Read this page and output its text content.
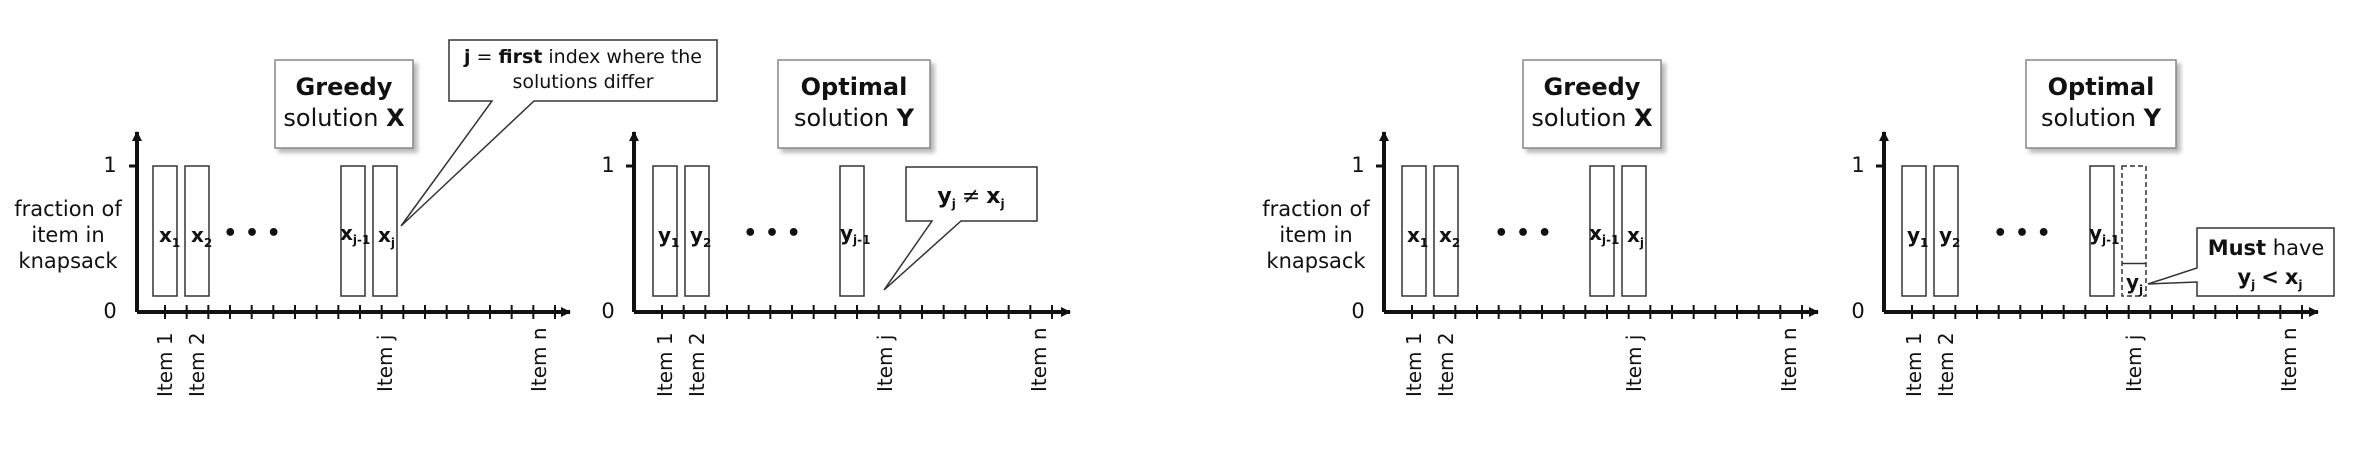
fraction of
item in
knapsack
1
0
$x_1$ $x_2$ • • •	$x_{j-1}$ $x_j$
Item 1 Item 2	Item j	Item n
Greedy
solution X
j = first index where the
solutions differ
1
0
$y_1$ $y_2$ • • • $y_{j-1}$
Item 1 Item 2	Item j	Item n
Optimal
solution Y
$y_j \ne x_j$	fraction of
item in
knapsack
1
0
$x_1$ $x_2$ • • • $x_{j-1}$ $x_j$
Item 1 Item 2	Item j	Item n
Greedy
solution X
1
0
$y_1$ $y_2$ • • • $y_{j-1}$
$y_j$
Item 1 Item 2	Item j	Item n
Optimal
solution Y
Must have
$y_j < x_j$
